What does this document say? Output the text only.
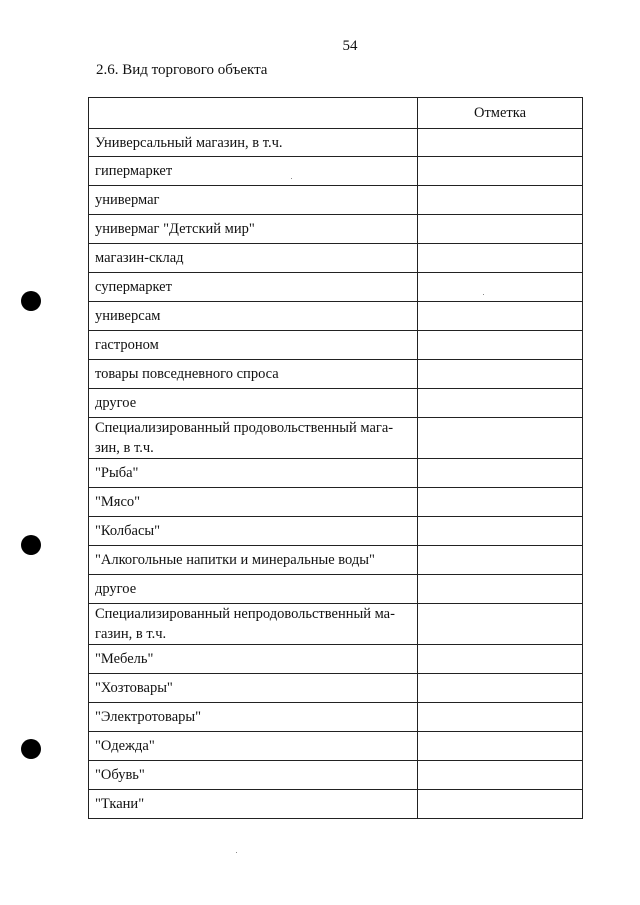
54
2.6. Вид торгового объекта
	Отметка
Универсальный магазин, в т.ч.	
гипермаркет	
универмаг	
универмаг "Детский мир"	
магазин-склад	
супермаркет	
универсам	
гастроном	
товары повседневного спроса	
другое	
Специализированный продовольственный мага-зин, в т.ч.	
"Рыба"	
"Мясо"	
"Колбасы"	
"Алкогольные напитки и минеральные воды"	
другое	
Специализированный непродовольственный ма-газин, в т.ч.	
"Мебель"	
"Хозтовары"	
"Электротовары"	
"Одежда"	
"Обувь"	
"Ткани"	
